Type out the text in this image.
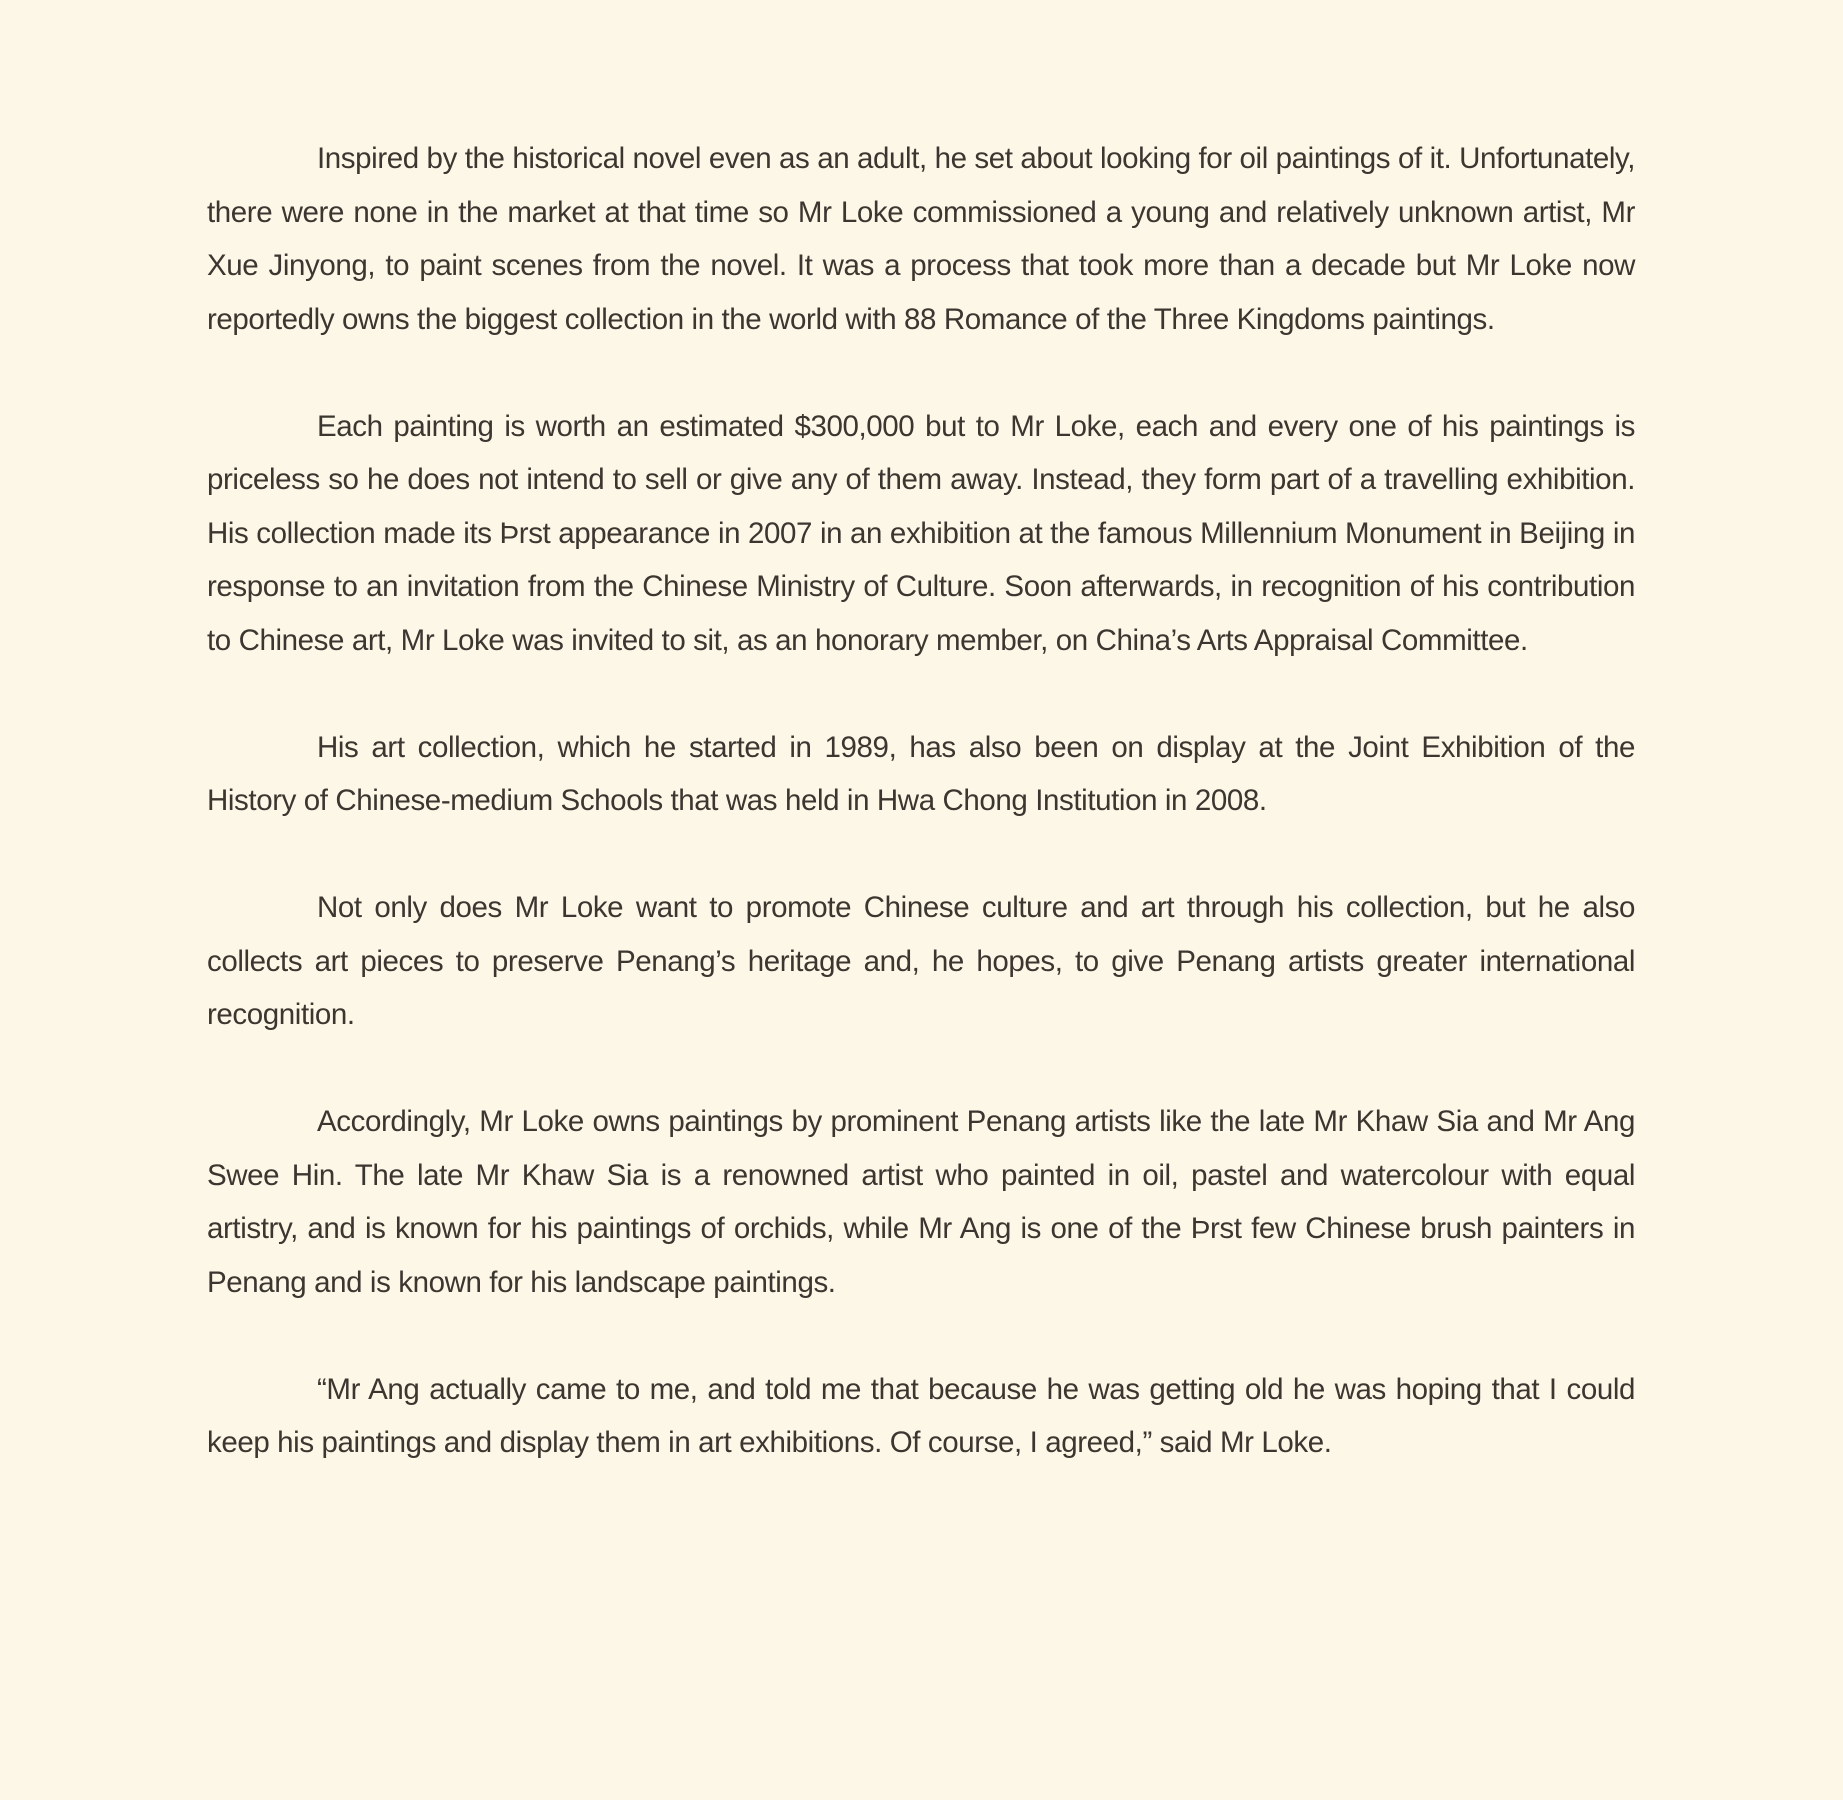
Inspired by the historical novel even as an adult, he set about looking for oil paintings of it. Unfortunately, there were none in the market at that time so Mr Loke commissioned a young and relatively unknown artist, Mr Xue Jinyong, to paint scenes from the novel. It was a process that took more than a decade but Mr Loke now reportedly owns the biggest collection in the world with 88 Romance of the Three Kingdoms paintings.

Each painting is worth an estimated $300,000 but to Mr Loke, each and every one of his paintings is priceless so he does not intend to sell or give any of them away. Instead, they form part of a travelling exhibition. His collection made its Þrst appearance in 2007 in an exhibition at the famous Millennium Monument in Beijing in response to an invitation from the Chinese Ministry of Culture. Soon afterwards, in recognition of his contribution to Chinese art, Mr Loke was invited to sit, as an honorary member, on China’s Arts Appraisal Committee.

His art collection, which he started in 1989, has also been on display at the Joint Exhibition of the History of Chinese-medium Schools that was held in Hwa Chong Institution in 2008.

Not only does Mr Loke want to promote Chinese culture and art through his collection, but he also collects art pieces to preserve Penang’s heritage and, he hopes, to give Penang artists greater international recognition.

Accordingly, Mr Loke owns paintings by prominent Penang artists like the late Mr Khaw Sia and Mr Ang Swee Hin. The late Mr Khaw Sia is a renowned artist who painted in oil, pastel and watercolour with equal artistry, and is known for his paintings of orchids, while Mr Ang is one of the Þrst few Chinese brush painters in Penang and is known for his landscape paintings.

“Mr Ang actually came to me, and told me that because he was getting old he was hoping that I could keep his paintings and display them in art exhibitions. Of course, I agreed,” said Mr Loke.
